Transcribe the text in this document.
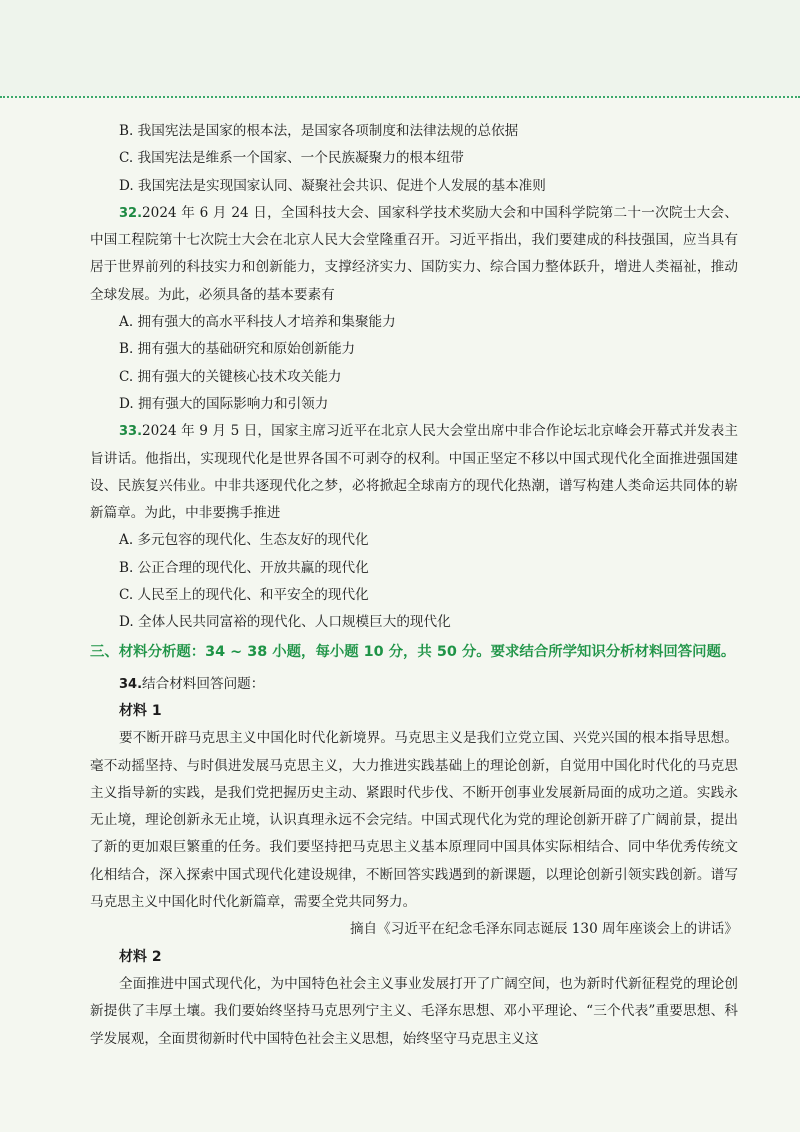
B. 我国宪法是国家的根本法，是国家各项制度和法律法规的总依据
C. 我国宪法是维系一个国家、一个民族凝聚力的根本纽带
D. 我国宪法是实现国家认同、凝聚社会共识、促进个人发展的基本准则
32.2024 年 6 月 24 日，全国科技大会、国家科学技术奖励大会和中国科学院第二十一次院士大会、中国工程院第十七次院士大会在北京人民大会堂隆重召开。习近平指出，我们要建成的科技强国，应当具有居于世界前列的科技实力和创新能力，支撑经济实力、国防实力、综合国力整体跃升，增进人类福祉，推动全球发展。为此，必须具备的基本要素有
A. 拥有强大的高水平科技人才培养和集聚能力
B. 拥有强大的基础研究和原始创新能力
C. 拥有强大的关键核心技术攻关能力
D. 拥有强大的国际影响力和引领力
33.2024 年 9 月 5 日，国家主席习近平在北京人民大会堂出席中非合作论坛北京峰会开幕式并发表主旨讲话。他指出，实现现代化是世界各国不可剥夺的权利。中国正坚定不移以中国式现代化全面推进强国建设、民族复兴伟业。中非共逐现代化之梦，必将掀起全球南方的现代化热潮，谱写构建人类命运共同体的崭新篇章。为此，中非要携手推进
A. 多元包容的现代化、生态友好的现代化
B. 公正合理的现代化、开放共赢的现代化
C. 人民至上的现代化、和平安全的现代化
D. 全体人民共同富裕的现代化、人口规模巨大的现代化
三、材料分析题：34 ~ 38 小题，每小题 10 分，共 50 分。要求结合所学知识分析材料回答问题。
34.结合材料回答问题：
材料 1
要不断开辟马克思主义中国化时代化新境界。马克思主义是我们立党立国、兴党兴国的根本指导思想。毫不动摇坚持、与时俱进发展马克思主义，大力推进实践基础上的理论创新，自觉用中国化时代化的马克思主义指导新的实践，是我们党把握历史主动、紧跟时代步伐、不断开创事业发展新局面的成功之道。实践永无止境，理论创新永无止境，认识真理永远不会完结。中国式现代化为党的理论创新开辟了广阔前景，提出了新的更加艰巨繁重的任务。我们要坚持把马克思主义基本原理同中国具体实际相结合、同中华优秀传统文化相结合，深入探索中国式现代化建设规律，不断回答实践遇到的新课题，以理论创新引领实践创新。谱写马克思主义中国化时代化新篇章，需要全党共同努力。
摘自《习近平在纪念毛泽东同志诞辰 130 周年座谈会上的讲话》
材料 2
全面推进中国式现代化，为中国特色社会主义事业发展打开了广阔空间，也为新时代新征程党的理论创新提供了丰厚土壤。我们要始终坚持马克思列宁主义、毛泽东思想、邓小平理论、“三个代表”重要思想、科学发展观，全面贯彻新时代中国特色社会主义思想，始终坚守马克思主义这
